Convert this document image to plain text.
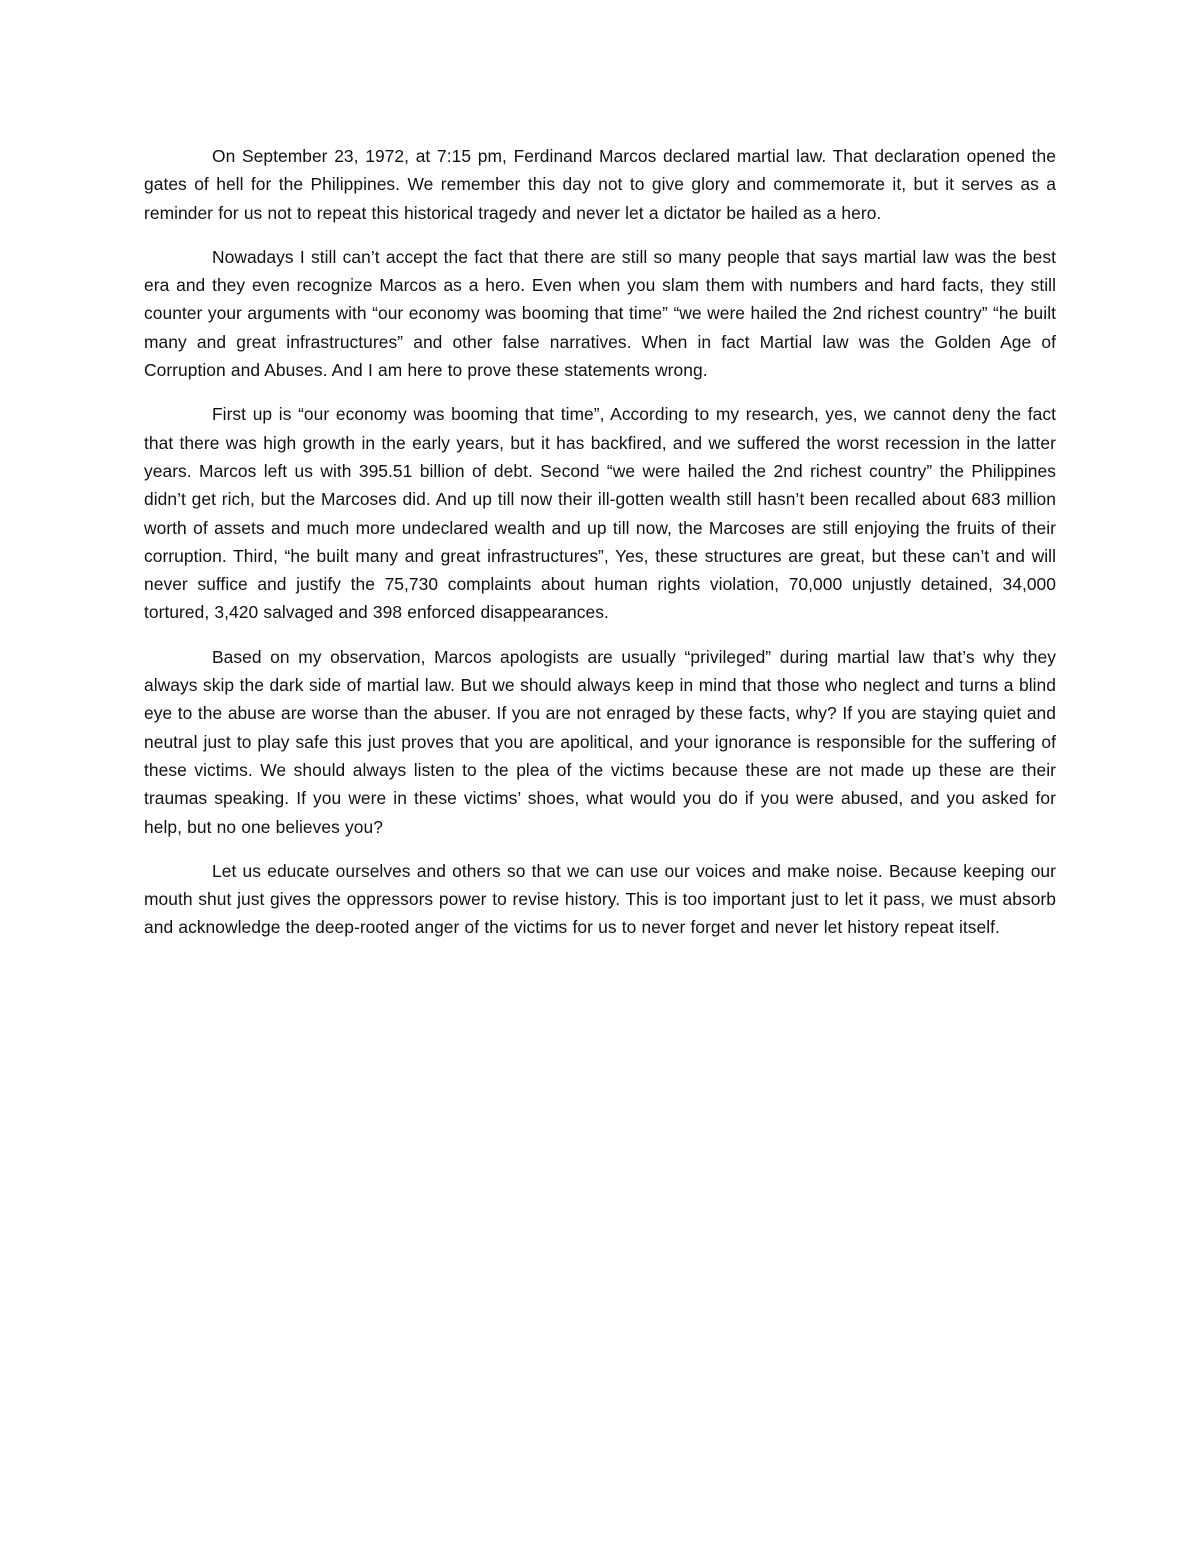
On September 23, 1972, at 7:15 pm, Ferdinand Marcos declared martial law. That declaration opened the gates of hell for the Philippines. We remember this day not to give glory and commemorate it, but it serves as a reminder for us not to repeat this historical tragedy and never let a dictator be hailed as a hero.

Nowadays I still can’t accept the fact that there are still so many people that says martial law was the best era and they even recognize Marcos as a hero. Even when you slam them with numbers and hard facts, they still counter your arguments with “our economy was booming that time” “we were hailed the 2nd richest country” “he built many and great infrastructures” and other false narratives. When in fact Martial law was the Golden Age of Corruption and Abuses. And I am here to prove these statements wrong.

First up is “our economy was booming that time”, According to my research, yes, we cannot deny the fact that there was high growth in the early years, but it has backfired, and we suffered the worst recession in the latter years. Marcos left us with 395.51 billion of debt. Second “we were hailed the 2nd richest country” the Philippines didn’t get rich, but the Marcoses did. And up till now their ill-gotten wealth still hasn’t been recalled about 683 million worth of assets and much more undeclared wealth and up till now, the Marcoses are still enjoying the fruits of their corruption. Third, “he built many and great infrastructures”, Yes, these structures are great, but these can’t and will never suffice and justify the 75,730 complaints about human rights violation, 70,000 unjustly detained, 34,000 tortured, 3,420 salvaged and 398 enforced disappearances.

Based on my observation, Marcos apologists are usually “privileged” during martial law that’s why they always skip the dark side of martial law. But we should always keep in mind that those who neglect and turns a blind eye to the abuse are worse than the abuser. If you are not enraged by these facts, why? If you are staying quiet and neutral just to play safe this just proves that you are apolitical, and your ignorance is responsible for the suffering of these victims. We should always listen to the plea of the victims because these are not made up these are their traumas speaking. If you were in these victims’ shoes, what would you do if you were abused, and you asked for help, but no one believes you?

Let us educate ourselves and others so that we can use our voices and make noise. Because keeping our mouth shut just gives the oppressors power to revise history. This is too important just to let it pass, we must absorb and acknowledge the deep-rooted anger of the victims for us to never forget and never let history repeat itself.
